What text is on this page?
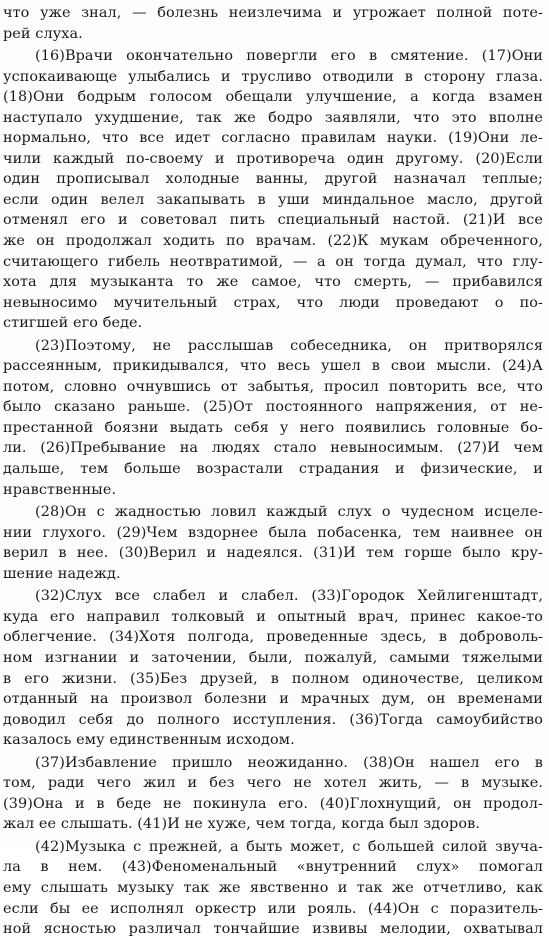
что уже знал, — болезнь неизлечима и угрожает полной поте-
рей слуха.
(16)Врачи окончательно повергли его в смятение. (17)Они
успокаивающе улыбались и трусливо отводили в сторону глаза.
(18)Они бодрым голосом обещали улучшение, а когда взамен
наступало ухудшение, так же бодро заявляли, что это вполне
нормально, что все идет согласно правилам науки. (19)Они ле-
чили каждый по-своему и противореча один другому. (20)Если
один прописывал холодные ванны, другой назначал теплые;
если один велел закапывать в уши миндальное масло, другой
отменял его и советовал пить специальный настой. (21)И все
же он продолжал ходить по врачам. (22)К мукам обреченного,
считающего гибель неотвратимой, — а он тогда думал, что глу-
хота для музыканта то же самое, что смерть, — прибавился
невыносимо мучительный страх, что люди проведают о по-
стигшей его беде.
(23)Поэтому, не расслышав собеседника, он притворялся
рассеянным, прикидывался, что весь ушел в свои мысли. (24)А
потом, словно очнувшись от забытья, просил повторить все, что
было сказано раньше. (25)От постоянного напряжения, от не-
престанной боязни выдать себя у него появились головные бо-
ли. (26)Пребывание на людях стало невыносимым. (27)И чем
дальше, тем больше возрастали страдания и физические, и
нравственные.
(28)Он с жадностью ловил каждый слух о чудесном исцеле-
нии глухого. (29)Чем вздорнее была побасенка, тем наивнее он
верил в нее. (30)Верил и надеялся. (31)И тем горше было кру-
шение надежд.
(32)Слух все слабел и слабел. (33)Городок Хейлигенштадт,
куда его направил толковый и опытный врач, принес какое-то
облегчение. (34)Хотя полгода, проведенные здесь, в доброволь-
ном изгнании и заточении, были, пожалуй, самыми тяжелыми
в его жизни. (35)Без друзей, в полном одиночестве, целиком
отданный на произвол болезни и мрачных дум, он временами
доводил себя до полного исступления. (36)Тогда самоубийство
казалось ему единственным исходом.
(37)Избавление пришло неожиданно. (38)Он нашел его в
том, ради чего жил и без чего не хотел жить, — в музыке.
(39)Она и в беде не покинула его. (40)Глохнущий, он продол-
жал ее слышать. (41)И не хуже, чем тогда, когда был здоров.
(42)Музыка с прежней, а быть может, с большей силой звуча-
ла в нем. (43)Феноменальный «внутренний слух» помогал
ему слышать музыку так же явственно и так же отчетливо, как
если бы ее исполнял оркестр или рояль. (44)Он с поразитель-
ной ясностью различал тончайшие извивы мелодии, охватывал
